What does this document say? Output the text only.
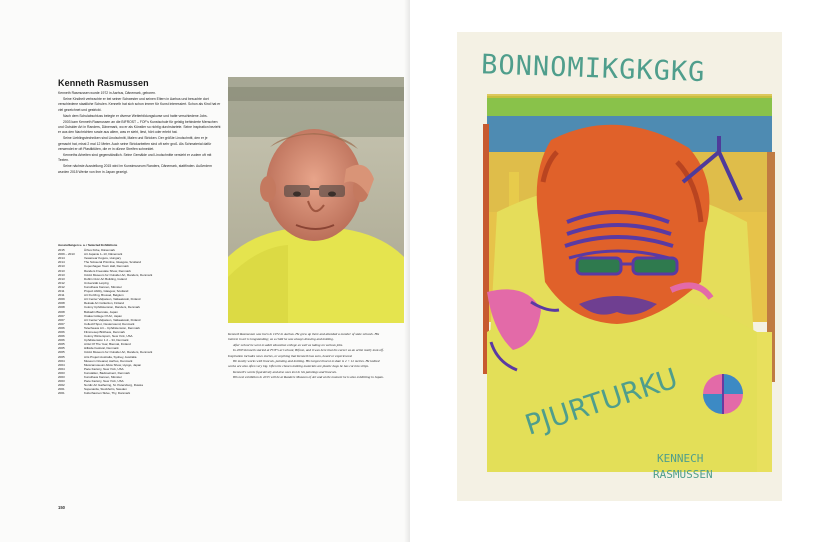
Kenneth Rasmussen

Kenneth Rasmussen wurde 1972 in Aarhus, Dänemark, geboren.

Seine Kindheit verbrachte er bei seiner Schwester und seinen Eltern in Aarhus und besuchte dort verschiedene staatliche Schulen. Kenneth hat sich schon immer für Kunst interessiert. Schon als Kind hat er viel gezeichnet und gestrickt.

Nach dem Schulabschluss belegte er diverse Weiterbildungskurse und hatte verschiedene Jobs.

2003 kam Kenneth Rasmussen an die BIFROST – FOF's Kunstschule für geistig behinderte Menschen und Outsider Art in Randers, Dänemark, wo er als Künstler so richtig durchstartete. Seine Inspiration bezieht er aus den Nachrichten sowie aus allem, was er sieht, liest, hört oder erlebt hat.

Seine Lieblingstechniken sind Linolschnitt, Malen und Stricken. Der größte Linolschnitt, den er je gemacht hat, misst 2 mal 12 Meter. Auch seine Strickarbeiten sind oft sehr groß. Als Schmaterial dafür verwendet er oft Plastiktüten, die er in dünne Streifen schneidet.

Kenneths Arbeiten sind gegenständlich. Seine Gemälde und Linolschnitte versieht er zudem oft mit Texten.

Seine nächste Ausstellung 2015 wird im Kunstmuseum Randers, Dänemark, stattfinden. Außerdem wurden 2015 Werke von ihm in Japan gezeigt.

Ausstellungen u. a. / Selected Exhibitions
2015	Århus Kirke, Dänemark
2009 – 2013	Art Japanie 1–13, Dänemark
2014	Vesamear Kogure, Hungary
2014	The Scisseral Primitive, Glasgow, Scotland
2013	Copenhagen Town Hall, Denmark
2013	Randers Freestate Show, Denmark
2013	CAAA Museum for Outsider Art, Randers, Denmark
2013	Dublin Civic Art Building, Ireland
2012	Universität Leipzig
2012	Kunsthaus Kannen, Münster
2011	Project Ability, Glasgow, Scotland
2011	Art Du Ring, Brussel, Belgium
2009	Art Center Valpaison, Valkeakoski, Finland
2008	Reksak Art Collection, Finland
2008	Colony Cphdistension, Randers, Denmark
2008	Bolkadin Biennale, Japan
2007	Osaka College Of Art, Japan
2007	Art Center Valpaison, Valkeakoski, Finland
2007	Collectif Spot, Oestersound, Denmark
2006	Telecheaus Art – Cphdistension, Denmark
2006	Filmmesep Birkhaus, Denmark
2006	Colony Wintersporn, New York, USA
2006	Cphdistension 1 2 – 34, Denmark
2005	Artist Of The Year, Biennal, Finland
2005	Hillside Festival, Denmark
2005	CAAA Museum for Outsider Art, Randers, Denmark
2005	Arts Project Australia, Sydney, Australia
2004	Museum Oceanal, Aarhus, Denmark
2004	Musicamuseum Allow Show, Hyogo, Japan
2004	Pace Factory, New York, USA
2003	Kunstallen, Badsvelvent, Denmark
2003	Kunsthaus Kannen, Münster
2003	Pace Factory, New York, USA
2002	Nordic Art Gathering, St. Petersburg, Russia
2001	Sopenarda, Stockholm, Sweden
2001	Kulturhavnen Skive, Thy, Danmark

Kenneth Rasmussen was born in 1972 in Aarhus. He grew up there and attended a number of state schools. His interest in art is longstanding; as a child he was always drawing and knitting.

After school he went to adult education college as well as taking on various jobs.

In 2003 Kenneth started at FOF's art school, Bifrost, and it was here that his career as an artist really took off. Inspiration includes news stories, or anything that Kenneth has seen, heard or experienced.

He mostly works with linocuts, painting and knitting. His largest linocut to date is 2 × 12 metres. He knitted works are also often very big. Often his chosen knitting materials are plastic bags he has cut into strips.

Kenneth's works figuratively and also uses text in his paintings and linocuts.

His next exhibition in 2015 will be at Randers Museum of Art and at the moment he is also exhibiting in Japan.

150
BONNOMIKGKGKG
PJURTURKU
KENNECH
RASMUSSEN
